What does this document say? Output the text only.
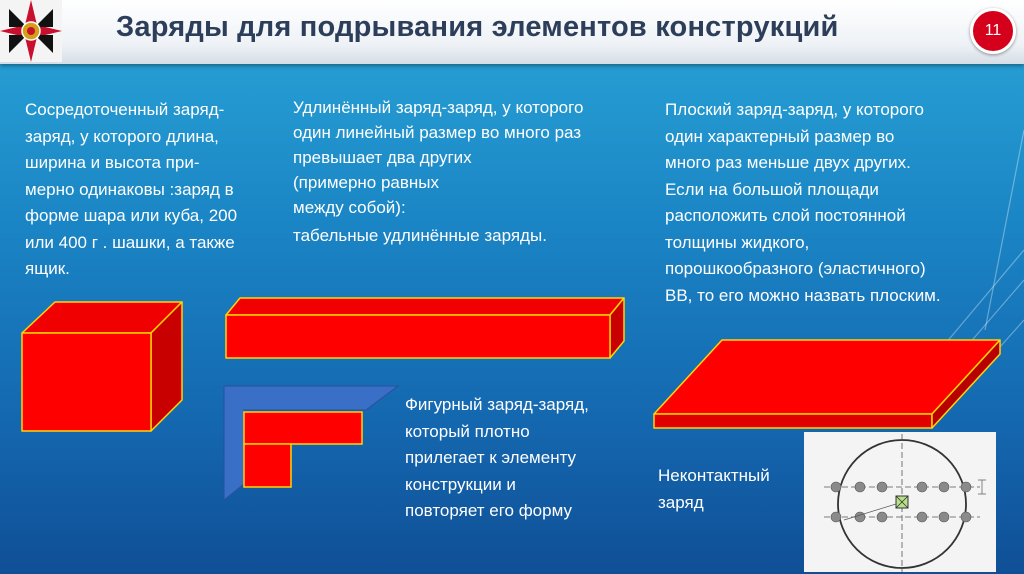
Заряды для подрывания элементов конструкций	11
Сосредоточенный заряд-
заряд, у которого длина,
ширина и высота при-
мерно одинаковы :заряд в
форме шара или куба, 200
или 400 г . шашки, а также
ящик.
Удлинённый заряд-заряд, у которого
один линейный размер во много раз
превышает два других
(примерно равных
между собой):
табельные удлинённые заряды.
Плоский заряд-заряд, у которого
один характерный размер во
много раз меньше двух других.
Если на большой площади
расположить слой постоянной
толщины жидкого,
порошкообразного (эластичного)
ВВ, то его можно назвать плоским.
Фигурный заряд-заряд,
который плотно
прилегает к элементу
конструкции и
повторяет его форму
Неконтактный
заряд
